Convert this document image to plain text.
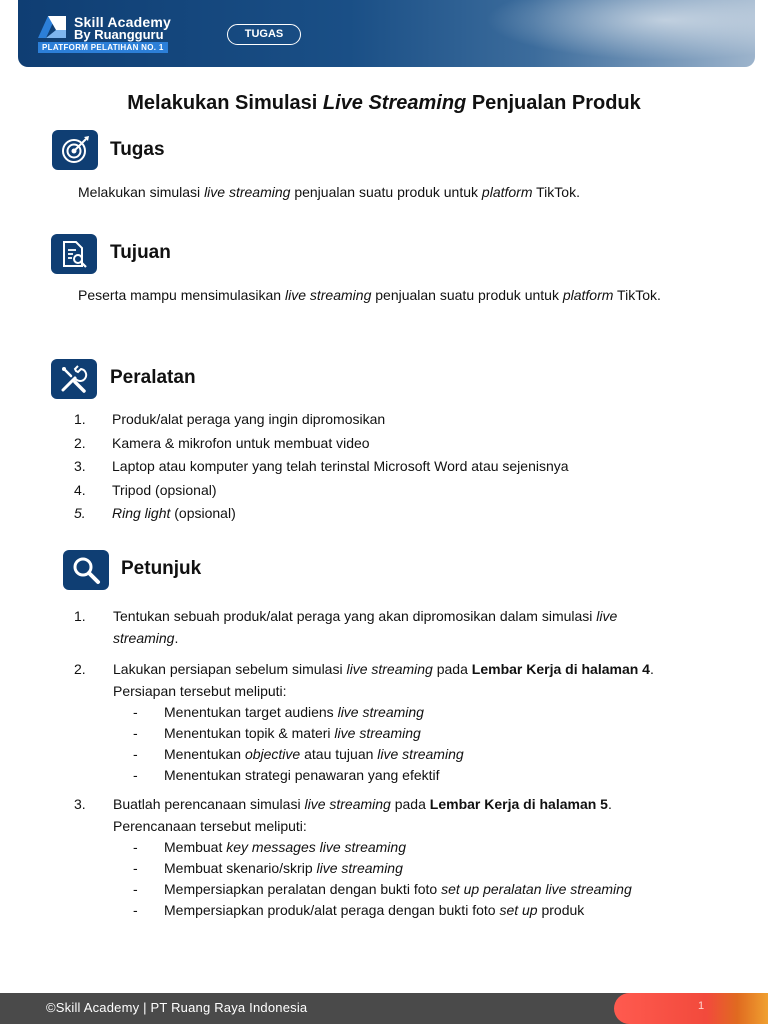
Skill Academy
By Ruangguru
PLATFORM PELATIHAN NO. 1
TUGAS
Melakukan Simulasi Live Streaming Penjualan Produk
Tugas
Melakukan simulasi live streaming penjualan suatu produk untuk platform TikTok.
Tujuan
Peserta mampu mensimulasikan live streaming penjualan suatu produk untuk platform TikTok.
Peralatan
1. Produk/alat peraga yang ingin dipromosikan
2. Kamera & mikrofon untuk membuat video
3. Laptop atau komputer yang telah terinstal Microsoft Word atau sejenisnya
4. Tripod (opsional)
5. Ring light (opsional)
Petunjuk
1. Tentukan sebuah produk/alat peraga yang akan dipromosikan dalam simulasi live
streaming.
2. Lakukan persiapan sebelum simulasi live streaming pada Lembar Kerja di halaman 4.
Persiapan tersebut meliputi:
- Menentukan target audiens live streaming
- Menentukan topik & materi live streaming
- Menentukan objective atau tujuan live streaming
- Menentukan strategi penawaran yang efektif
3. Buatlah perencanaan simulasi live streaming pada Lembar Kerja di halaman 5.
Perencanaan tersebut meliputi:
- Membuat key messages live streaming
- Membuat skenario/skrip live streaming
- Mempersiapkan peralatan dengan bukti foto set up peralatan live streaming
- Mempersiapkan produk/alat peraga dengan bukti foto set up produk
©Skill Academy | PT Ruang Raya Indonesia	1
